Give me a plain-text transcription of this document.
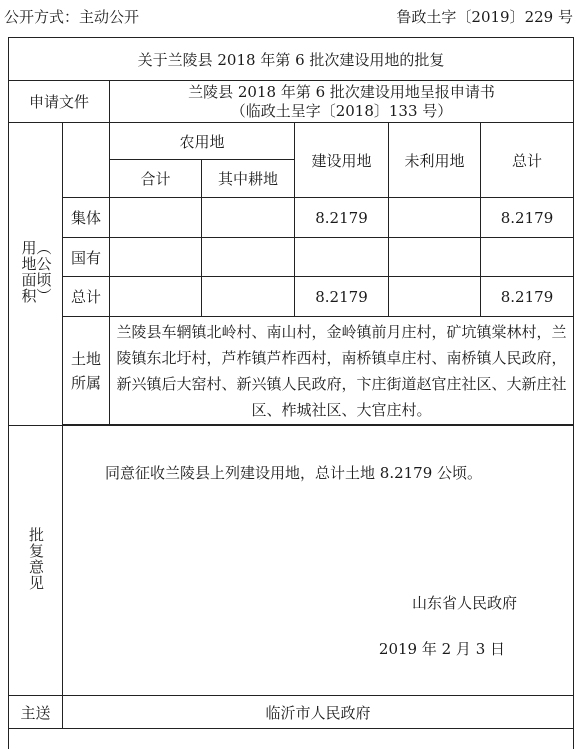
公开方式：主动公开	鲁政土字〔2019〕229 号
关于兰陵县 2018 年第 6 批次建设用地的批复						
申请文件		兰陵县 2018 年第 6 批次建设用地呈报申请书
（临政土呈字〔2018〕133 号）				

用地面积（公顷）		农用地		建设用地	未利用地	总计
		合计	其中耕地			
	集体			8.2179		8.2179
	国有					
	总计			8.2179		8.2179

	土地所属	兰陵县车辋镇北岭村、南山村，金岭镇前月庄村，矿坑镇棠林村，兰陵镇东北圩村，芦柞镇芦柞西村，南桥镇卓庄村、南桥镇人民政府，新兴镇后大窑村、新兴镇人民政府，卞庄街道赵官庄社区、大新庄社区、柞城社区、大官庄村。				

批复意见	同意征收兰陵县上列建设用地，总计土地 8.2179 公顷。
山东省人民政府
2019 年 2 月 3 日					

主送	临沂市人民政府					
